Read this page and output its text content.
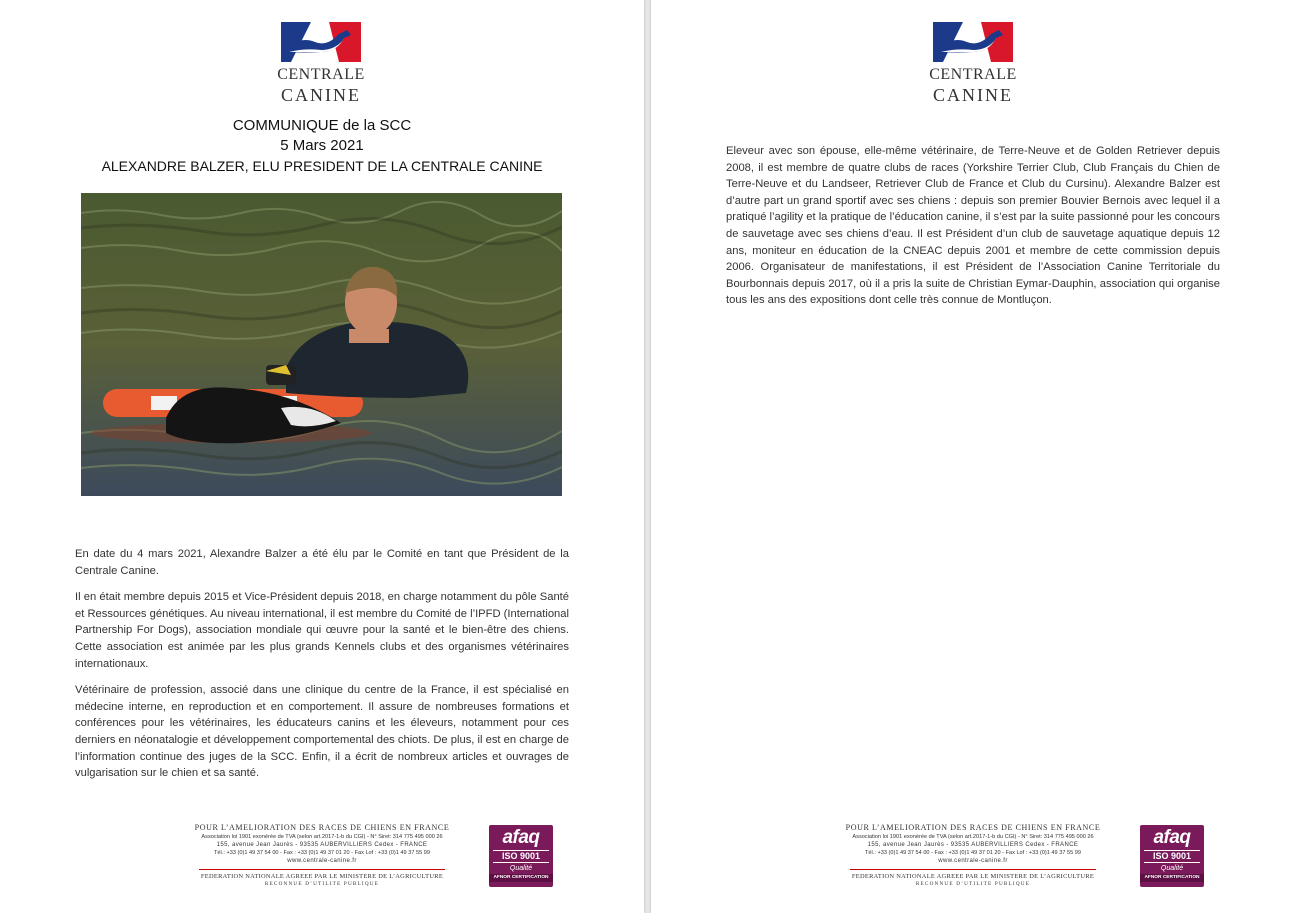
CENTRALE
CANINE
COMMUNIQUE de la SCC
5 Mars 2021
ALEXANDRE BALZER, ELU PRESIDENT DE LA CENTRALE CANINE

En date du 4 mars 2021, Alexandre Balzer a été élu par le Comité en tant que Président de la Centrale Canine.

Il en était membre depuis 2015 et Vice-Président depuis 2018, en charge notamment du pôle Santé et Ressources génétiques. Au niveau international, il est membre du Comité de l’IPFD (International Partnership For Dogs), association mondiale qui œuvre pour la santé et le bien-être des chiens. Cette association est animée par les plus grands Kennels clubs et des organismes vétérinaires internationaux.

Vétérinaire de profession, associé dans une clinique du centre de la France, il est spécialisé en médecine interne, en reproduction et en comportement. Il assure de nombreuses formations et conférences pour les vétérinaires, les éducateurs canins et les éleveurs, notamment pour ces derniers en néonatalogie et développement comportemental des chiots. De plus, il est en charge de l’information continue des juges de la SCC. Enfin, il a écrit de nombreux articles et ouvrages de vulgarisation sur le chien et sa santé.

POUR L’AMELIORATION DES RACES DE CHIENS EN FRANCE
Association loi 1901 exonérée de TVA (selon art.2017-1-b du CGI) - N° Siret: 314 775 495 000 26
155, avenue Jean Jaurès - 93535 AUBERVILLIERS Cedex - FRANCE
Tél.: +33 (0)1 49 37 54 00 - Fax : +33 (0)1 49 37 01 20 - Fax Lof : +33 (0)1 49 37 55 99
www.centrale-canine.fr
FEDERATION NATIONALE AGREEE PAR LE MINISTERE DE L’AGRICULTURE
RECONNUE D’UTILITE PUBLIQUE
afaq
ISO 9001
Qualité
AFNOR CERTIFICATION
CENTRALE
CANINE

Eleveur avec son épouse, elle-même vétérinaire, de Terre-Neuve et de Golden Retriever depuis 2008, il est membre de quatre clubs de races (Yorkshire Terrier Club, Club Français du Chien de Terre-Neuve et du Landseer, Retriever Club de France et Club du Cursinu). Alexandre Balzer est d’autre part un grand sportif avec ses chiens : depuis son premier Bouvier Bernois avec lequel il a pratiqué l’agility et la pratique de l’éducation canine, il s’est par la suite passionné pour les concours de sauvetage avec ses chiens d’eau. Il est Président d’un club de sauvetage aquatique depuis 12 ans, moniteur en éducation de la CNEAC depuis 2001 et membre de cette commission depuis 2006. Organisateur de manifestations, il est Président de l’Association Canine Territoriale du Bourbonnais depuis 2017, où il a pris la suite de Christian Eymar-Dauphin, association qui organise tous les ans des expositions dont celle très connue de Montluçon.

POUR L’AMELIORATION DES RACES DE CHIENS EN FRANCE
Association loi 1901 exonérée de TVA (selon art.2017-1-b du CGI) - N° Siret: 314 775 495 000 26
155, avenue Jean Jaurès - 93535 AUBERVILLIERS Cedex - FRANCE
Tél.: +33 (0)1 49 37 54 00 - Fax : +33 (0)1 49 37 01 20 - Fax Lof : +33 (0)1 49 37 55 99
www.centrale-canine.fr
FEDERATION NATIONALE AGREEE PAR LE MINISTERE DE L’AGRICULTURE
RECONNUE D’UTILITE PUBLIQUE
afaq
ISO 9001
Qualité
AFNOR CERTIFICATION
